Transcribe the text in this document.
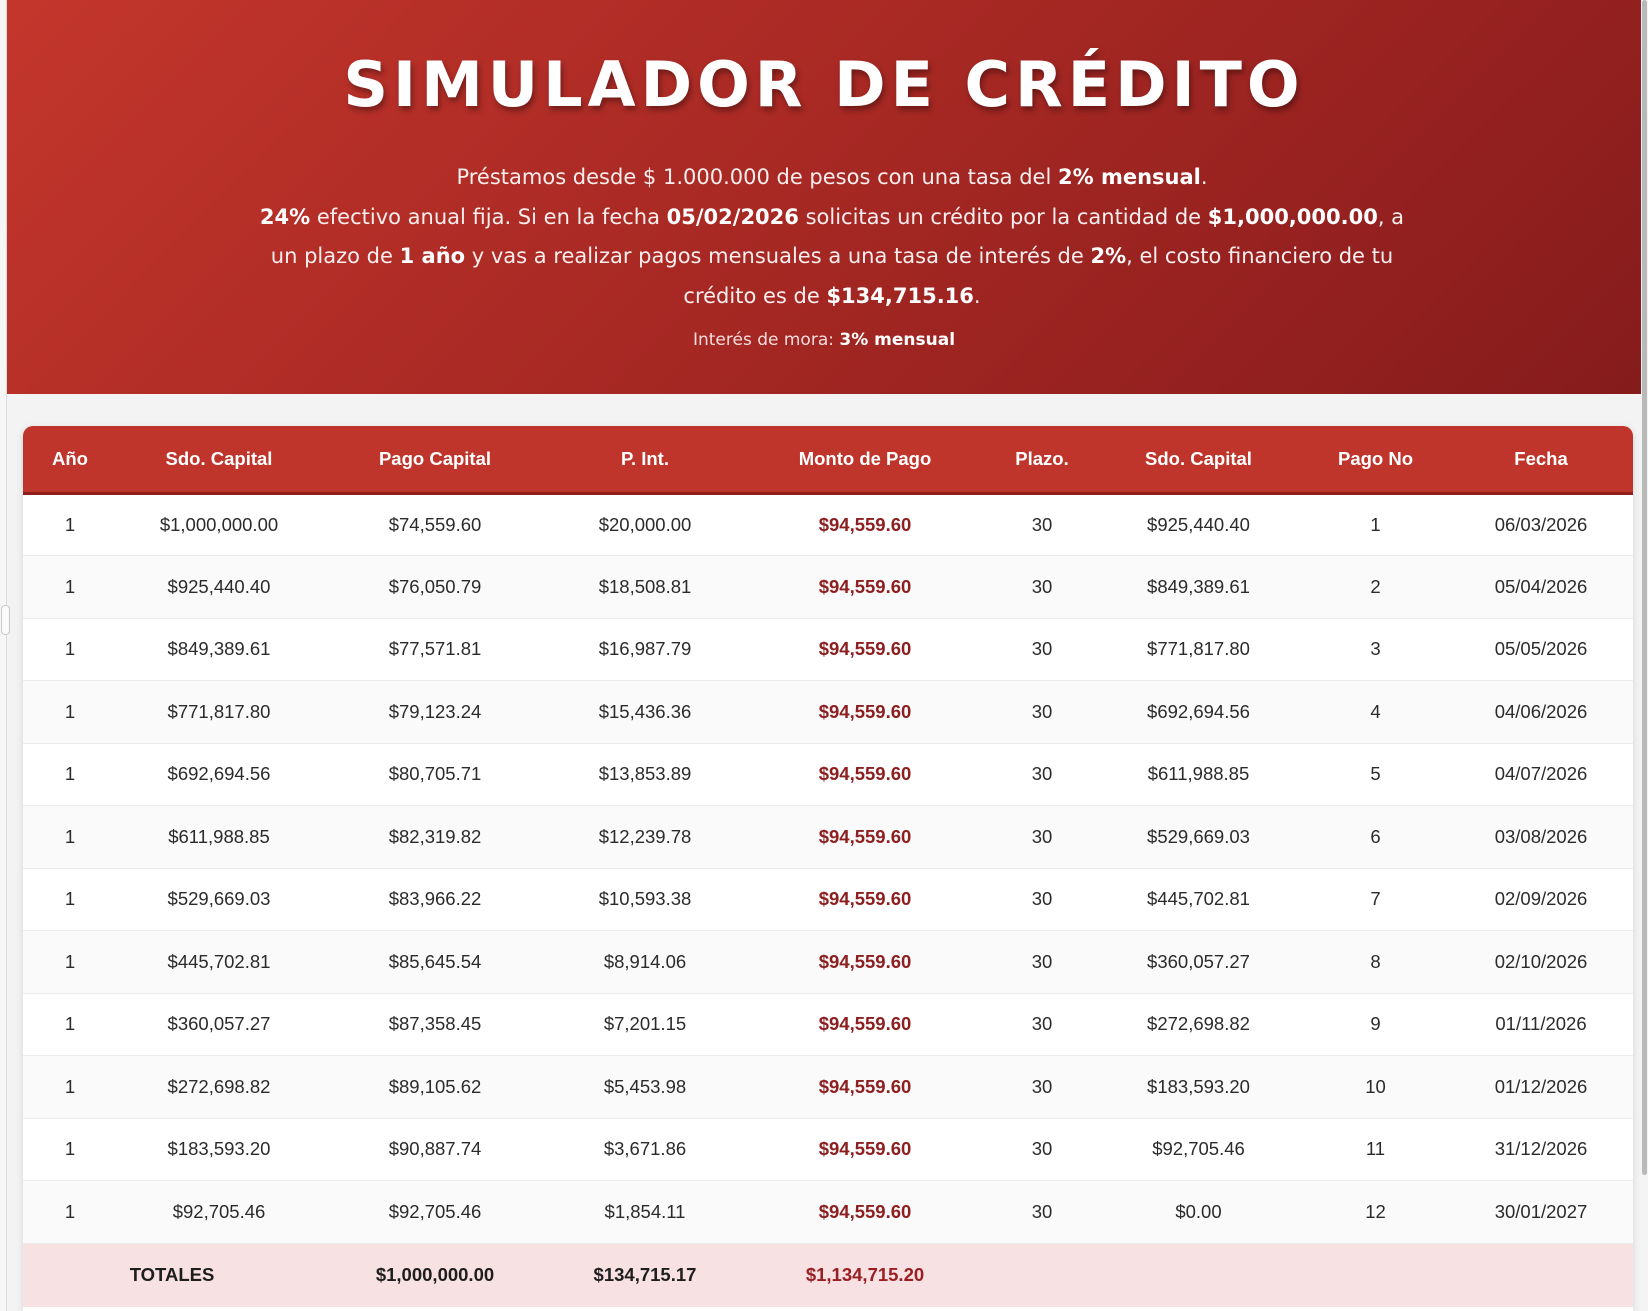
SIMULADOR DE CRÉDITO

Préstamos desde $ 1.000.000 de pesos con una tasa del 2% mensual.
24% efectivo anual fija. Si en la fecha 05/02/2026 solicitas un crédito por la cantidad de $1,000,000.00, a un plazo de 1 año y vas a realizar pagos mensuales a una tasa de interés de 2%, el costo financiero de tu crédito es de $134,715.16.

Interés de mora: 3% mensual

Año	Sdo. Capital	Pago Capital	P. Int.	Monto de Pago	Plazo.	Sdo. Capital	Pago No	Fecha
1	$1,000,000.00	$74,559.60	$20,000.00	$94,559.60	30	$925,440.40	1	06/03/2026
1	$925,440.40	$76,050.79	$18,508.81	$94,559.60	30	$849,389.61	2	05/04/2026
1	$849,389.61	$77,571.81	$16,987.79	$94,559.60	30	$771,817.80	3	05/05/2026
1	$771,817.80	$79,123.24	$15,436.36	$94,559.60	30	$692,694.56	4	04/06/2026
1	$692,694.56	$80,705.71	$13,853.89	$94,559.60	30	$611,988.85	5	04/07/2026
1	$611,988.85	$82,319.82	$12,239.78	$94,559.60	30	$529,669.03	6	03/08/2026
1	$529,669.03	$83,966.22	$10,593.38	$94,559.60	30	$445,702.81	7	02/09/2026
1	$445,702.81	$85,645.54	$8,914.06	$94,559.60	30	$360,057.27	8	02/10/2026
1	$360,057.27	$87,358.45	$7,201.15	$94,559.60	30	$272,698.82	9	01/11/2026
1	$272,698.82	$89,105.62	$5,453.98	$94,559.60	30	$183,593.20	10	01/12/2026
1	$183,593.20	$90,887.74	$3,671.86	$94,559.60	30	$92,705.46	11	31/12/2026
1	$92,705.46	$92,705.46	$1,854.11	$94,559.60	30	$0.00	12	30/01/2027
TOTALES		$1,000,000.00	$134,715.17	$1,134,715.20				
